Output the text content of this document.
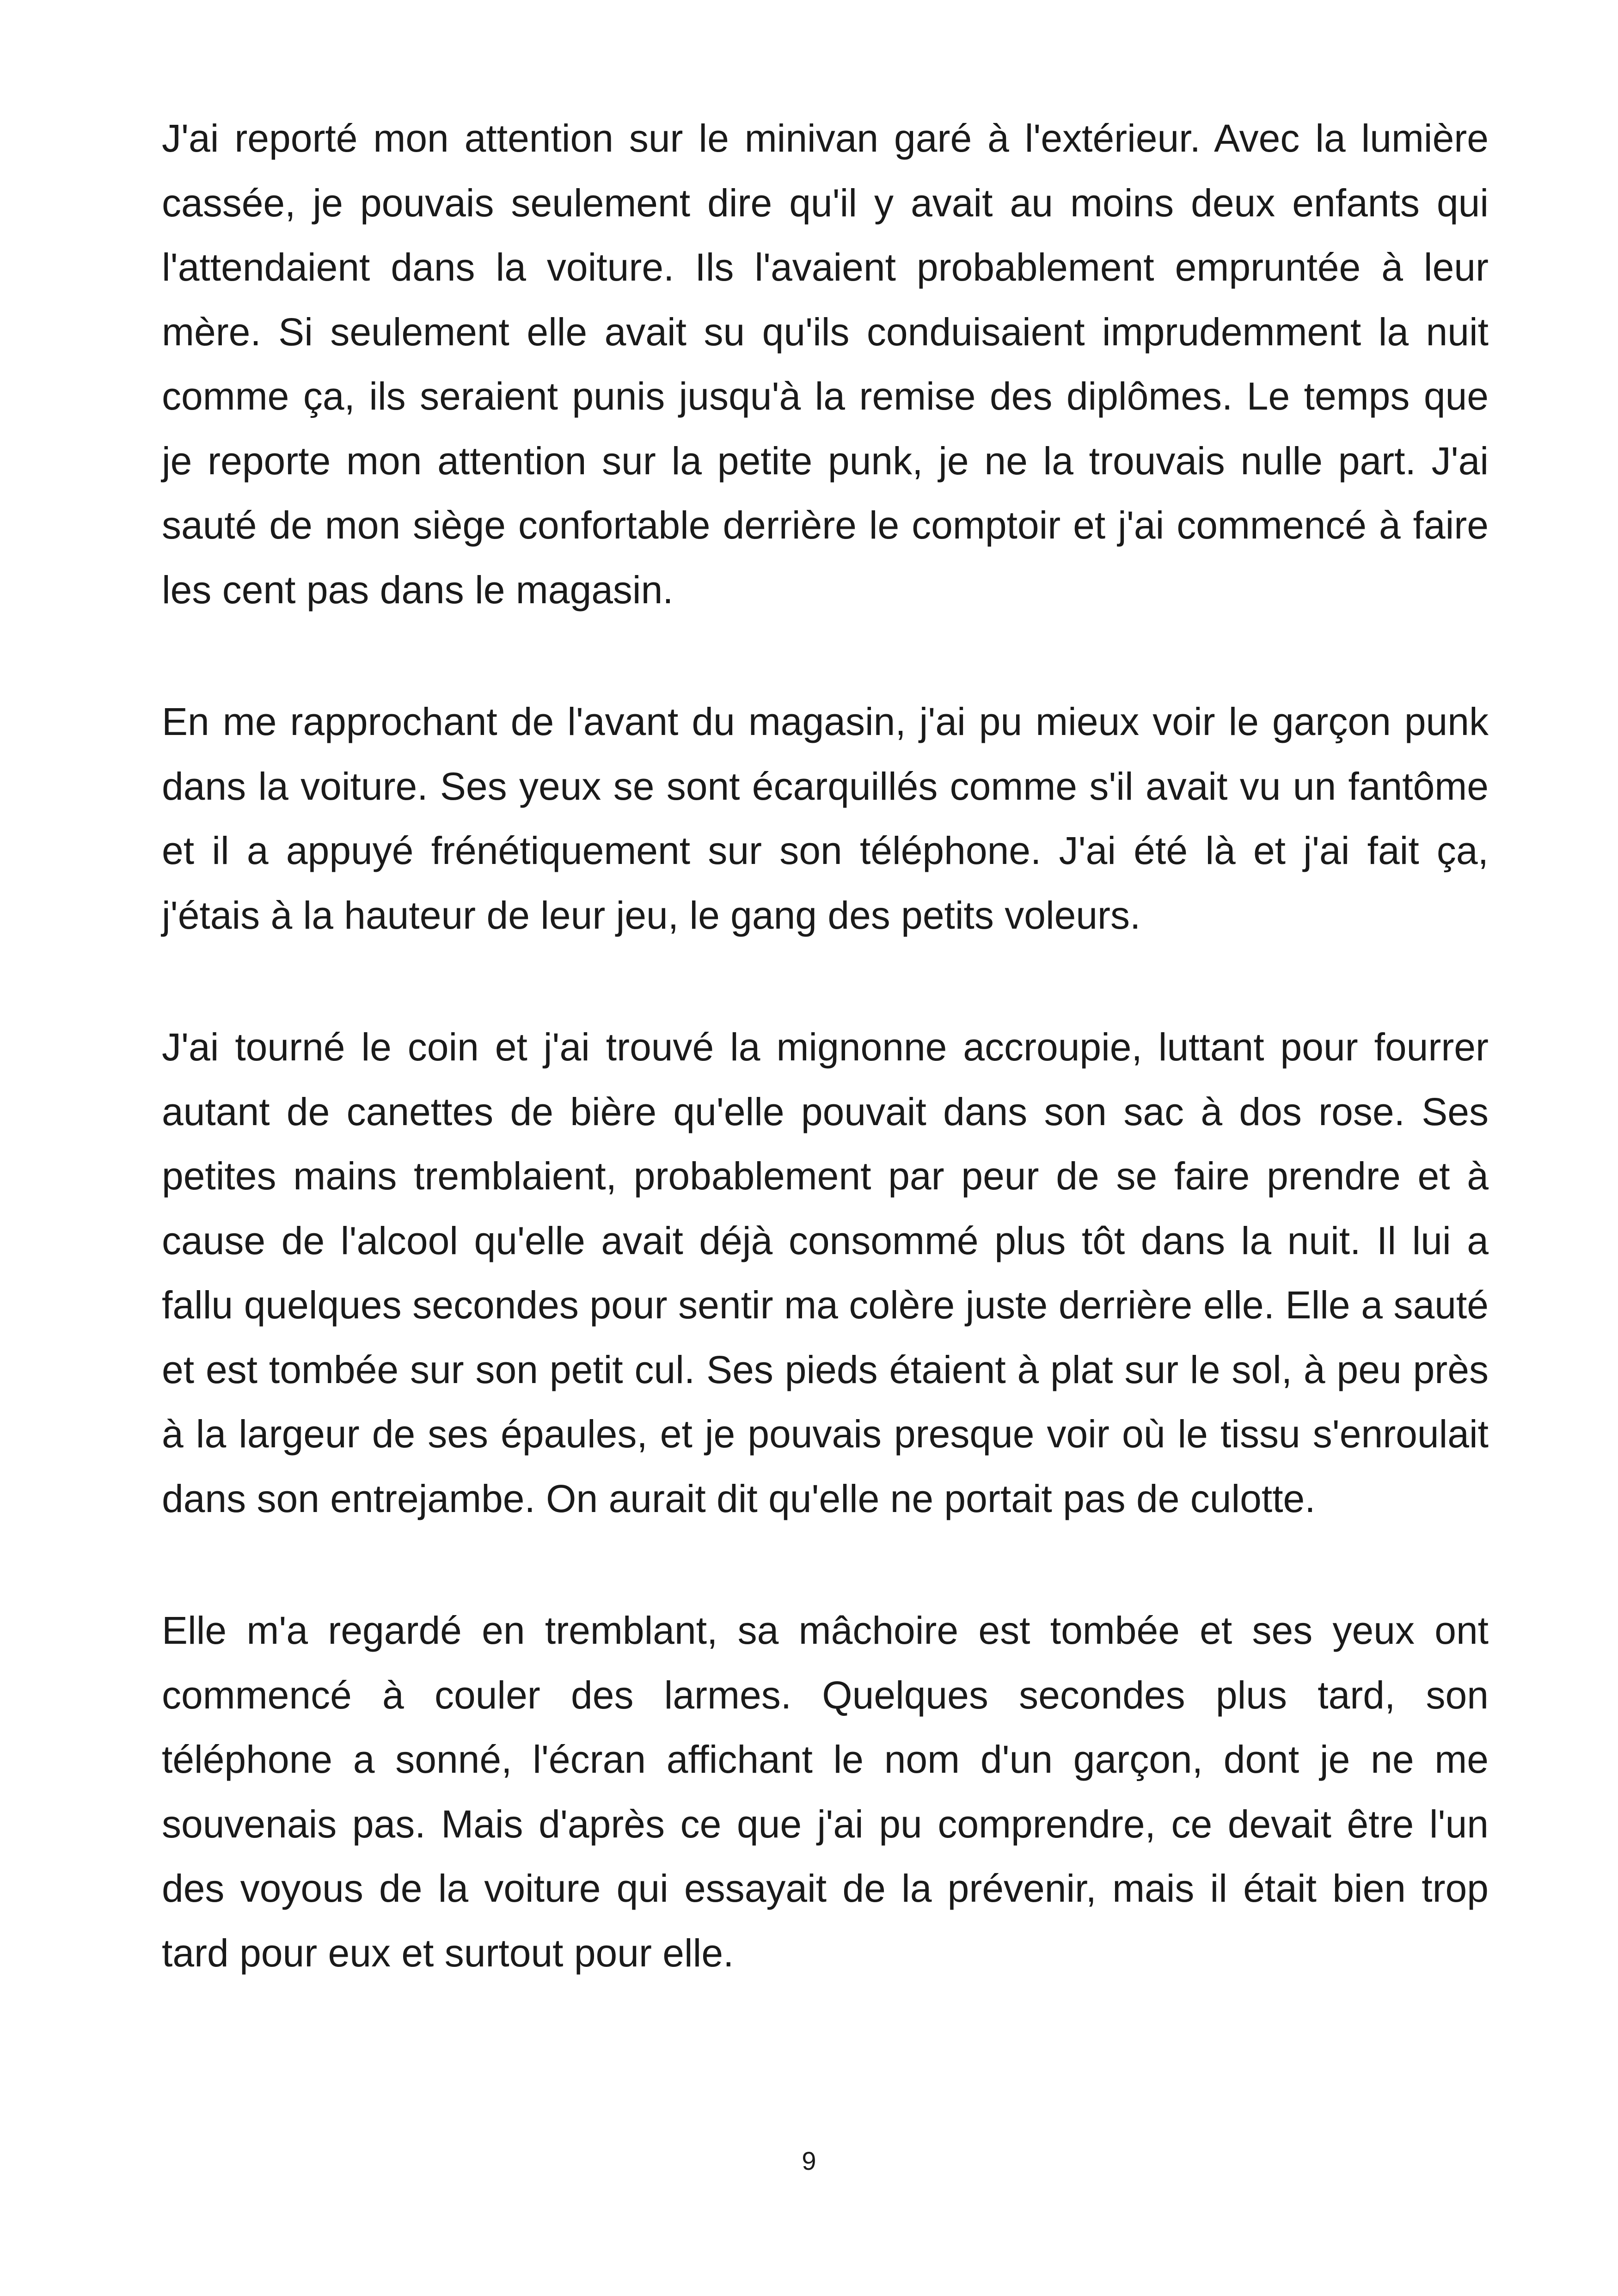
J'ai reporté mon attention sur le minivan garé à l'extérieur. Avec la lumière cassée, je pouvais seulement dire qu'il y avait au moins deux enfants qui l'attendaient dans la voiture. Ils l'avaient probablement empruntée à leur mère. Si seulement elle avait su qu'ils conduisaient imprudemment la nuit comme ça, ils seraient punis jusqu'à la remise des diplômes. Le temps que je reporte mon attention sur la petite punk, je ne la trouvais nulle part. J'ai sauté de mon siège confortable derrière le comptoir et j'ai commencé à faire les cent pas dans le magasin.

En me rapprochant de l'avant du magasin, j'ai pu mieux voir le garçon punk dans la voiture. Ses yeux se sont écarquillés comme s'il avait vu un fantôme et il a appuyé frénétiquement sur son téléphone. J'ai été là et j'ai fait ça, j'étais à la hauteur de leur jeu, le gang des petits voleurs.

J'ai tourné le coin et j'ai trouvé la mignonne accroupie, luttant pour fourrer autant de canettes de bière qu'elle pouvait dans son sac à dos rose. Ses petites mains tremblaient, probablement par peur de se faire prendre et à cause de l'alcool qu'elle avait déjà consommé plus tôt dans la nuit. Il lui a fallu quelques secondes pour sentir ma colère juste derrière elle. Elle a sauté et est tombée sur son petit cul. Ses pieds étaient à plat sur le sol, à peu près à la largeur de ses épaules, et je pouvais presque voir où le tissu s'enroulait dans son entrejambe. On aurait dit qu'elle ne portait pas de culotte.

Elle m'a regardé en tremblant, sa mâchoire est tombée et ses yeux ont commencé à couler des larmes. Quelques secondes plus tard, son téléphone a sonné, l'écran affichant le nom d'un garçon, dont je ne me souvenais pas. Mais d'après ce que j'ai pu comprendre, ce devait être l'un des voyous de la voiture qui essayait de la prévenir, mais il était bien trop tard pour eux et surtout pour elle.

9
